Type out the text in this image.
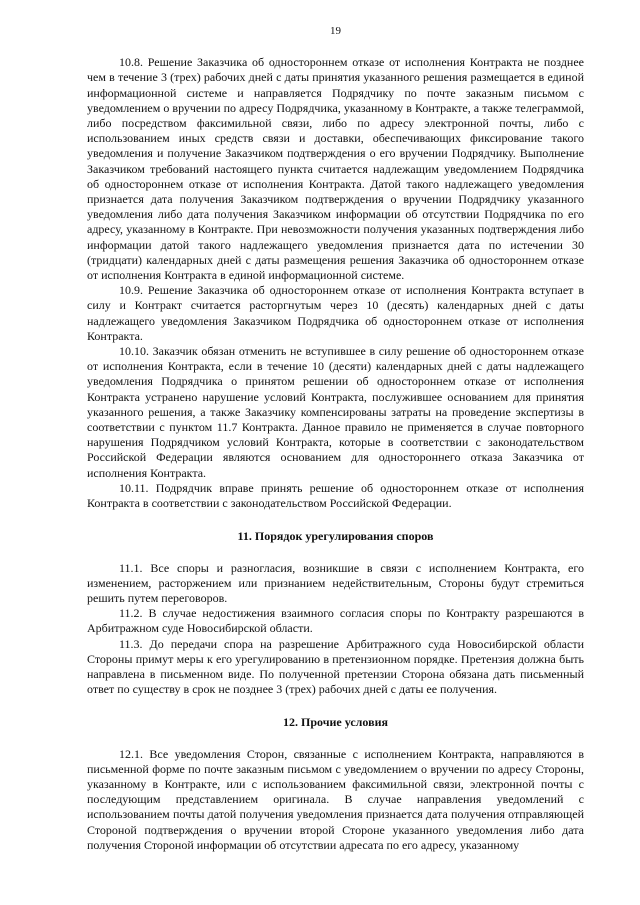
19

10.8. Решение Заказчика об одностороннем отказе от исполнения Контракта не позднее чем в течение 3 (трех) рабочих дней с даты принятия указанного решения размещается в единой информационной системе и направляется Подрядчику по почте заказным письмом с уведомлением о вручении по адресу Подрядчика, указанному в Контракте, а также телеграммой, либо посредством факсимильной связи, либо по адресу электронной почты, либо с использованием иных средств связи и доставки, обеспечивающих фиксирование такого уведомления и получение Заказчиком подтверждения о его вручении Подрядчику. Выполнение Заказчиком требований настоящего пункта считается надлежащим уведомлением Подрядчика об одностороннем отказе от исполнения Контракта. Датой такого надлежащего уведомления признается дата получения Заказчиком подтверждения о вручении Подрядчику указанного уведомления либо дата получения Заказчиком информации об отсутствии Подрядчика по его адресу, указанному в Контракте. При невозможности получения указанных подтверждения либо информации датой такого надлежащего уведомления признается дата по истечении 30 (тридцати) календарных дней с даты размещения решения Заказчика об одностороннем отказе от исполнения Контракта в единой информационной системе.

10.9. Решение Заказчика об одностороннем отказе от исполнения Контракта вступает в силу и Контракт считается расторгнутым через 10 (десять) календарных дней с даты надлежащего уведомления Заказчиком Подрядчика об одностороннем отказе от исполнения Контракта.

10.10. Заказчик обязан отменить не вступившее в силу решение об одностороннем отказе от исполнения Контракта, если в течение 10 (десяти) календарных дней с даты надлежащего уведомления Подрядчика о принятом решении об одностороннем отказе от исполнения Контракта устранено нарушение условий Контракта, послужившее основанием для принятия указанного решения, а также Заказчику компенсированы затраты на проведение экспертизы в соответствии с пунктом 11.7 Контракта. Данное правило не применяется в случае повторного нарушения Подрядчиком условий Контракта, которые в соответствии с законодательством Российской Федерации являются основанием для одностороннего отказа Заказчика от исполнения Контракта.

10.11. Подрядчик вправе принять решение об одностороннем отказе от исполнения Контракта в соответствии с законодательством Российской Федерации.

11. Порядок урегулирования споров

11.1. Все споры и разногласия, возникшие в связи с исполнением Контракта, его изменением, расторжением или признанием недействительным, Стороны будут стремиться решить путем переговоров.

11.2. В случае недостижения взаимного согласия споры по Контракту разрешаются в Арбитражном суде Новосибирской области.

11.3. До передачи спора на разрешение Арбитражного суда Новосибирской области Стороны примут меры к его урегулированию в претензионном порядке. Претензия должна быть направлена в письменном виде. По полученной претензии Сторона обязана дать письменный ответ по существу в срок не позднее 3 (трех) рабочих дней с даты ее получения.

12. Прочие условия

12.1. Все уведомления Сторон, связанные с исполнением Контракта, направляются в письменной форме по почте заказным письмом с уведомлением о вручении по адресу Стороны, указанному в Контракте, или с использованием факсимильной связи, электронной почты с последующим представлением оригинала. В случае направления уведомлений с использованием почты датой получения уведомления признается дата получения отправляющей Стороной подтверждения о вручении второй Стороне указанного уведомления либо дата получения Стороной информации об отсутствии адресата по его адресу, указанному
